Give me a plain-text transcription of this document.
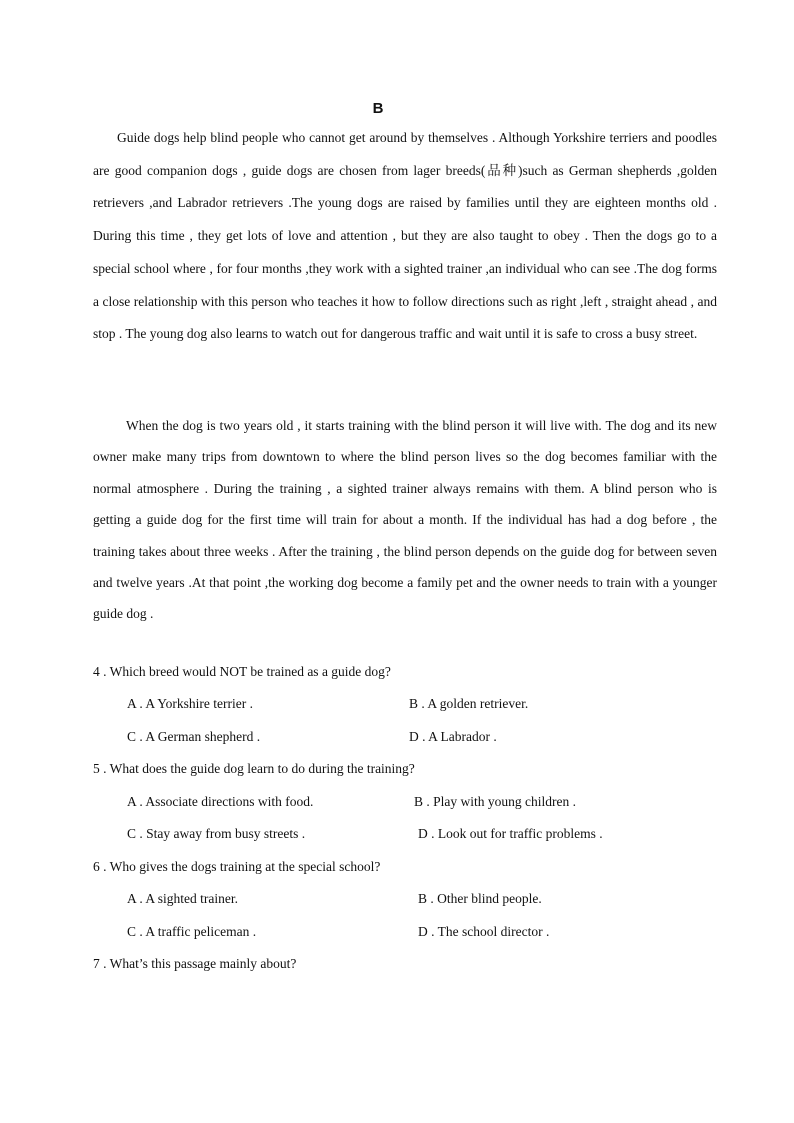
B

Guide dogs help blind people who cannot get around by themselves . Although Yorkshire terriers and poodles are good companion dogs , guide dogs are chosen from lager breeds(品种)such as German shepherds ,golden retrievers ,and Labrador retrievers .The young dogs are raised by families until they are eighteen months old . During this time , they get lots of love and attention , but they are also taught to obey . Then the dogs go to a special school where , for four months ,they work with a sighted trainer ,an individual who can see .The dog forms a close relationship with this person who teaches it how to follow directions such as right ,left , straight ahead , and stop . The young dog also learns to watch out for dangerous traffic and wait until it is safe to cross a busy street.

When the dog is two years old , it starts training with the blind person it will live with. The dog and its new owner make many trips from downtown to where the blind person lives so the dog becomes familiar with the normal atmosphere . During the training , a sighted trainer always remains with them. A blind person who is getting a guide dog for the first time will train for about a month. If the individual has had a dog before , the training takes about three weeks . After the training , the blind person depends on the guide dog for between seven and twelve years .At that point ,the working dog become a family pet and the owner needs to train with a younger guide dog .

4 . Which breed would NOT be trained as a guide dog?
A . A Yorkshire terrier .	B . A golden retriever.
C . A German shepherd .	D . A Labrador .
5 . What does the guide dog learn to do during the training?
A . Associate directions with food.	B . Play with young children .
C . Stay away from busy streets .	D . Look out for traffic problems .
6 . Who gives the dogs training at the special school?
A . A sighted trainer.	B . Other blind people.
C . A traffic peliceman .	D . The school director .
7 . What’s this passage mainly about?
